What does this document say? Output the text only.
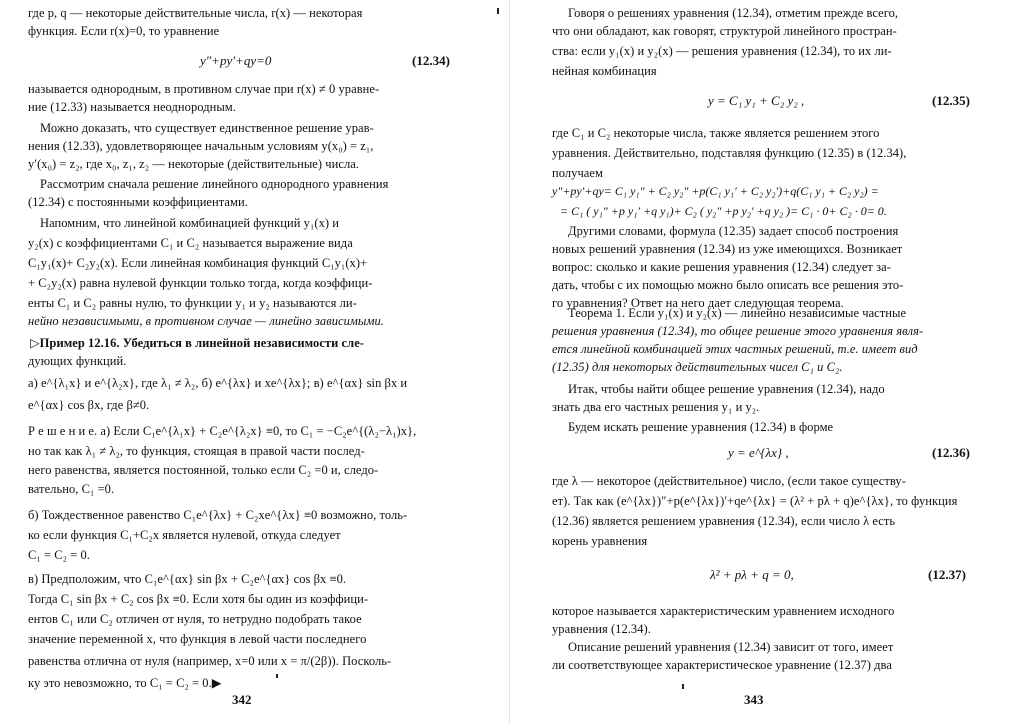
где p, q — некоторые действительные числа, r(x) — некоторая
функция. Если r(x)=0, то уравнение
y″+py′+qy=0	(12.34)
называется однородным, в противном случае при r(x) ≠ 0 уравне-
ние (12.33) называется неоднородным.
Можно доказать, что существует единственное решение урав-
нения (12.33), удовлетворяющее начальным условиям y(x₀) = z₁,
y′(x₀) = z₂, где x₀, z₁, z₂ — некоторые (действительные) числа.
Рассмотрим сначала решение линейного однородного уравнения
(12.34) с постоянными коэффициентами.
Напомним, что линейной комбинацией функций y₁(x) и
y₂(x) с коэффициентами C₁ и C₂ называется выражение вида
C₁y₁(x)+ C₂y₂(x). Если линейная комбинация функций C₁y₁(x)+
+ C₂y₂(x) равна нулевой функции только тогда, когда коэффици-
енты C₁ и C₂ равны нулю, то функции y₁ и y₂ называются ли-
нейно независимыми, в противном случае — линейно зависимыми.
▷Пример 12.16. Убедиться в линейной независимости сле-
дующих функций.
а) e^{λ₁x} и e^{λ₂x}, где λ₁ ≠ λ₂, б) e^{λx} и xe^{λx}; в) e^{αx} sin βx и
e^{αx} cos βx, где β≠0.
Р е ш е н и е. а) Если C₁e^{λ₁x} + C₂e^{λ₂x} ≡0, то C₁ = −C₂e^{(λ₂−λ₁)x},
но так как λ₁ ≠ λ₂, то функция, стоящая в правой части послед-
него равенства, является постоянной, только если C₂ =0 и, следо-
вательно, C₁ =0.
б) Тождественное равенство C₁e^{λx} + C₂xe^{λx} ≡0 возможно, толь-
ко если функция C₁+C₂x является нулевой, откуда следует
C₁ = C₂ = 0.
в) Предположим, что C₁e^{αx} sin βx + C₂e^{αx} cos βx ≡0.
Тогда C₁ sin βx + C₂ cos βx ≡0. Если хотя бы один из коэффици-
ентов C₁ или C₂ отличен от нуля, то нетрудно подобрать такое
значение переменной x, что функция в левой части последнего
равенства отлична от нуля (например, x=0 или x = π/(2β)). Посколь-
ку это невозможно, то C₁ = C₂ = 0.▶
342
Говоря о решениях уравнения (12.34), отметим прежде всего,
что они обладают, как говорят, структурой линейного простран-
ства: если y₁(x) и y₂(x) — решения уравнения (12.34), то их ли-
нейная комбинация
y = C₁ y₁ + C₂ y₂ ,	(12.35)
где C₁ и C₂ некоторые числа, также является решением этого
уравнения. Действительно, подставляя функцию (12.35) в (12.34),
получаем
y″+py′+qy= C₁ y₁″ + C₂ y₂″ +p(C₁ y₁′ + C₂ y₂′)+q(C₁ y₁ + C₂ y₂) =
= C₁ ( y₁″ +p y₁′ +q y₁)+ C₂ ( y₂″ +p y₂′ +q y₂ )= C₁ · 0+ C₂ · 0= 0.
Другими словами, формула (12.35) задает способ построения
новых решений уравнения (12.34) из уже имеющихся. Возникает
вопрос: сколько и какие решения уравнения (12.34) следует за-
дать, чтобы с их помощью можно было описать все решения это-
го уравнения? Ответ на него дает следующая теорема.
Теорема 1. Если y₁(x) и y₂(x) — линейно независимые частные
решения уравнения (12.34), то общее решение этого уравнения явля-
ется линейной комбинацией этих частных решений, т.е. имеет вид
(12.35) для некоторых действительных чисел C₁ и C₂.
Итак, чтобы найти общее решение уравнения (12.34), надо
знать два его частных решения y₁ и y₂.
Будем искать решение уравнения (12.34) в форме
y = e^{λx} ,	(12.36)
где λ — некоторое (действительное) число, (если такое существу-
ет). Так как (e^{λx})″+p(e^{λx})′+qe^{λx} = (λ² + pλ + q)e^{λx}, то функция
(12.36) является решением уравнения (12.34), если число λ есть
корень уравнения
λ² + pλ + q = 0,	(12.37)
которое называется характеристическим уравнением исходного
уравнения (12.34).
Описание решений уравнения (12.34) зависит от того, имеет
ли соответствующее характеристическое уравнение (12.37) два
343
